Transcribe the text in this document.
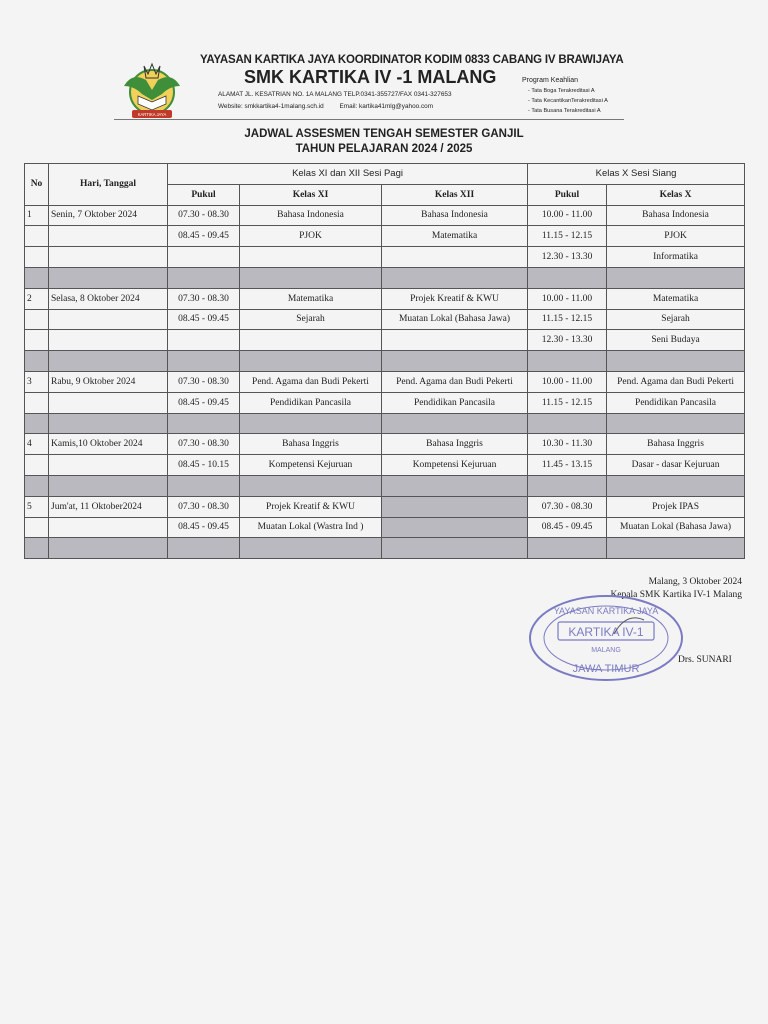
KARTIKA JAYA
YAYASAN KARTIKA JAYA KOORDINATOR KODIM 0833 CABANG IV BRAWIJAYA
SMK KARTIKA IV -1 MALANG
ALAMAT JL. KESATRIAN NO. 1A MALANG TELP.0341-355727/FAX 0341-327653
Website: smkkartika4-1malang.sch.id Email: kartika41mlg@yahoo.com
Program Keahlian
- Tata Boga Terakreditasi A
- Tata KecantikanTerakreditasi A
- Tata Busana Terakreditasi A
JADWAL ASSESMEN TENGAH SEMESTER GANJIL
TAHUN PELAJARAN 2024 / 2025
No	Hari, Tanggal	Kelas XI dan XII Sesi Pagi			Kelas X Sesi Siang	
		Pukul	Kelas XI	Kelas XII	Pukul	Kelas X
1	Senin, 7 Oktober 2024	07.30 - 08.30	Bahasa Indonesia	Bahasa Indonesia	10.00 - 11.00	Bahasa Indonesia
		08.45 - 09.45	PJOK	Matematika	11.15 - 12.15	PJOK
					12.30 - 13.30	Informatika

2	Selasa, 8 Oktober 2024	07.30 - 08.30	Matematika	Projek Kreatif & KWU	10.00 - 11.00	Matematika
		08.45 - 09.45	Sejarah	Muatan Lokal (Bahasa Jawa)	11.15 - 12.15	Sejarah
					12.30 - 13.30	Seni Budaya

3	Rabu, 9 Oktober 2024	07.30 - 08.30	Pend. Agama dan Budi Pekerti	Pend. Agama dan Budi Pekerti	10.00 - 11.00	Pend. Agama dan Budi Pekerti
		08.45 - 09.45	Pendidikan Pancasila	Pendidikan Pancasila	11.15 - 12.15	Pendidikan Pancasila

4	Kamis,10 Oktober 2024	07.30 - 08.30	Bahasa Inggris	Bahasa Inggris	10.30 - 11.30	Bahasa Inggris
		08.45 - 10.15	Kompetensi Kejuruan	Kompetensi Kejuruan	11.45 - 13.15	Dasar - dasar Kejuruan

5	Jum'at, 11 Oktober2024	07.30 - 08.30	Projek Kreatif & KWU		07.30 - 08.30	Projek IPAS
		08.45 - 09.45	Muatan Lokal (Wastra Ind )		08.45 - 09.45	Muatan Lokal (Bahasa Jawa)

Malang, 3 Oktober 2024
Kepala SMK Kartika IV-1 Malang
YAYASAN KARTIKA JAYA
KARTIKA IV-1
MALANG
JAWA TIMUR
Drs. SUNARI
